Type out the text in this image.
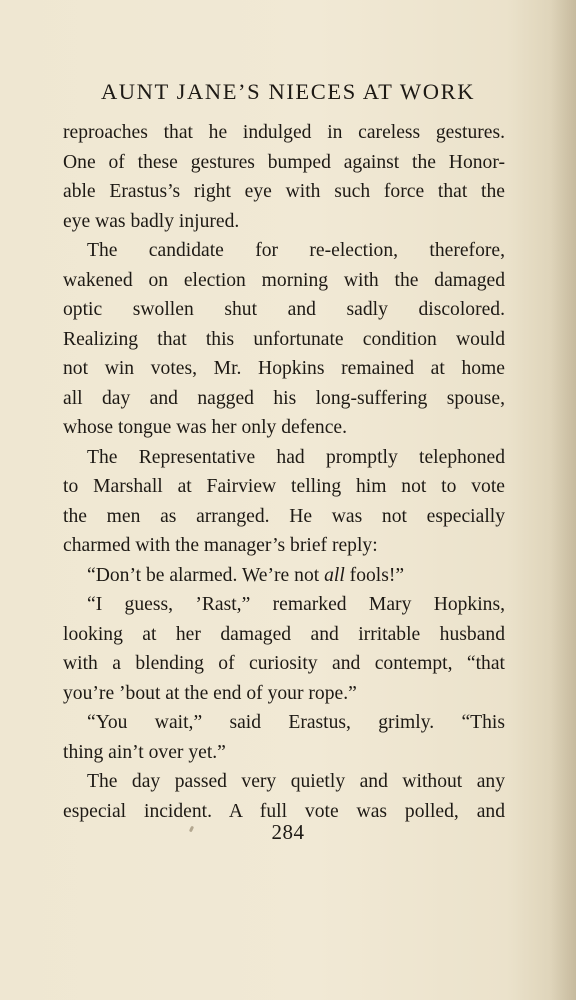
AUNT JANE’S NIECES AT WORK
reproaches that he indulged in careless gestures.
One of these gestures bumped against the Honor-
able Erastus’s right eye with such force that the
eye was badly injured.
The candidate for re-election, therefore,
wakened on election morning with the damaged
optic swollen shut and sadly discolored.
Realizing that this unfortunate condition would
not win votes, Mr. Hopkins remained at home
all day and nagged his long-suffering spouse,
whose tongue was her only defence.
The Representative had promptly telephoned
to Marshall at Fairview telling him not to vote
the men as arranged. He was not especially
charmed with the manager’s brief reply:
“Don’t be alarmed. We’re not all fools!”
“I guess, ’Rast,” remarked Mary Hopkins,
looking at her damaged and irritable husband
with a blending of curiosity and contempt, “that
you’re ’bout at the end of your rope.”
“You wait,” said Erastus, grimly. “This
thing ain’t over yet.”
The day passed very quietly and without any
especial incident. A full vote was polled, and
284
